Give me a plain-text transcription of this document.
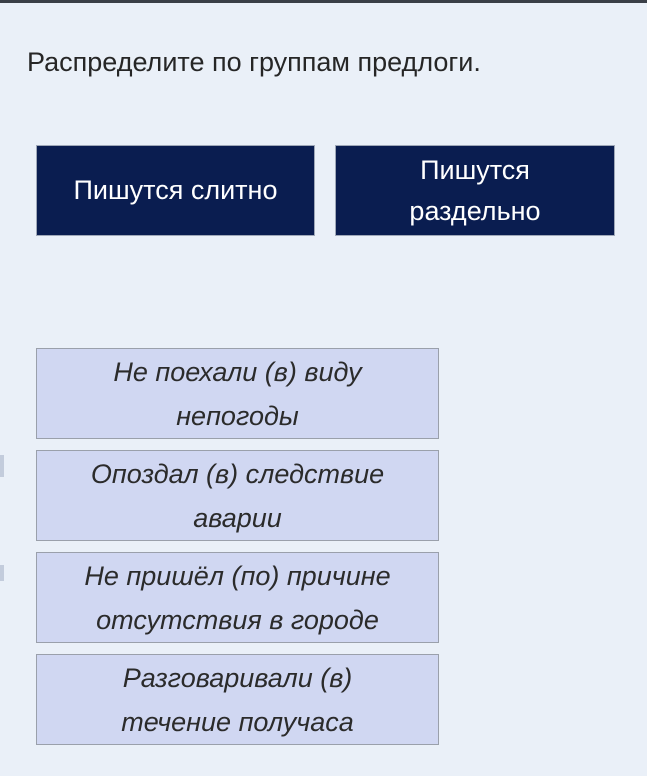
Распределите по группам предлоги.
Пишутся слитно
Пишутся раздельно
Не поехали (в) виду непогоды
Опоздал (в) следствие аварии
Не пришёл (по) причине отсутствия в городе
Разговаривали (в) течение получаса
